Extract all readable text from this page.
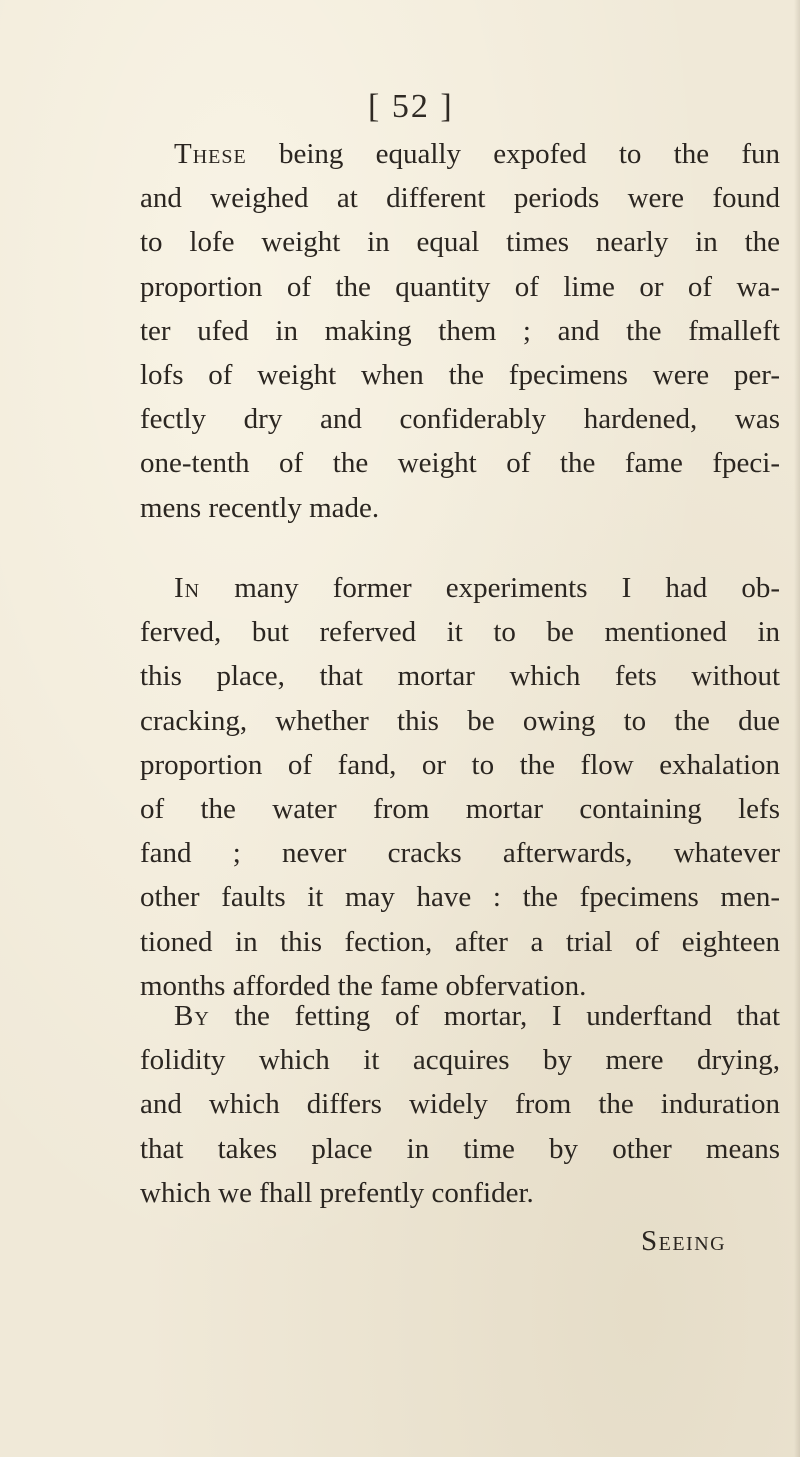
[ 52 ]
These being equally expofed to the fun
and weighed at different periods were found
to lofe weight in equal times nearly in the
proportion of the quantity of lime or of wa-
ter ufed in making them ; and the fmalleft
lofs of weight when the fpecimens were per-
fectly dry and confiderably hardened, was
one-tenth of the weight of the fame fpeci-
mens recently made.
In many former experiments I had ob-
ferved, but referved it to be mentioned in
this place, that mortar which fets without
cracking, whether this be owing to the due
proportion of fand, or to the flow exhalation
of the water from mortar containing lefs
fand ; never cracks afterwards, whatever
other faults it may have : the fpecimens men-
tioned in this fection, after a trial of eighteen
months afforded the fame obfervation.
By the fetting of mortar, I underftand that
folidity which it acquires by mere drying,
and which differs widely from the induration
that takes place in time by other means
which we fhall prefently confider.
Seeing
